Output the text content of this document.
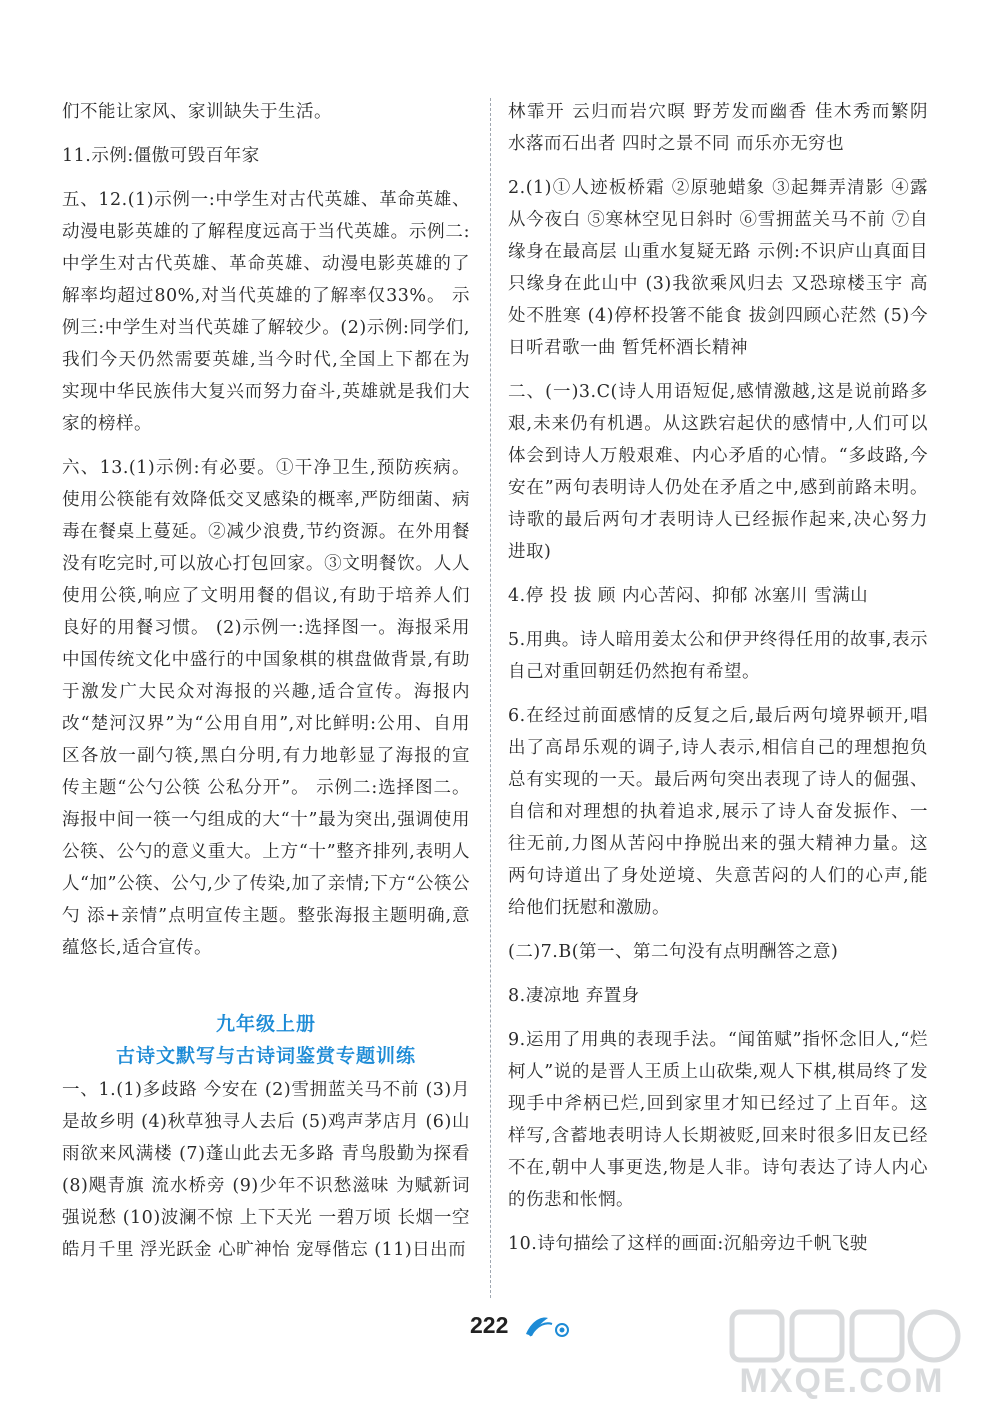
们不能让家风、家训缺失于生活。

11.示例:僵傲可毁百年家

五、12.(1)示例一:中学生对古代英雄、革命英雄、动漫电影英雄的了解程度远高于当代英雄。示例二:中学生对古代英雄、革命英雄、动漫电影英雄的了解率均超过80%,对当代英雄的了解率仅33%。 示例三:中学生对当代英雄了解较少。(2)示例:同学们,我们今天仍然需要英雄,当今时代,全国上下都在为实现中华民族伟大复兴而努力奋斗,英雄就是我们大家的榜样。

六、13.(1)示例:有必要。①干净卫生,预防疾病。使用公筷能有效降低交叉感染的概率,严防细菌、病毒在餐桌上蔓延。②减少浪费,节约资源。在外用餐没有吃完时,可以放心打包回家。③文明餐饮。人人使用公筷,响应了文明用餐的倡议,有助于培养人们良好的用餐习惯。 (2)示例一:选择图一。海报采用中国传统文化中盛行的中国象棋的棋盘做背景,有助于激发广大民众对海报的兴趣,适合宣传。海报内改“楚河汉界”为“公用自用”,对比鲜明:公用、自用区各放一副勺筷,黑白分明,有力地彰显了海报的宣传主题“公勺公筷 公私分开”。 示例二:选择图二。海报中间一筷一勺组成的大“十”最为突出,强调使用公筷、公勺的意义重大。上方“十”整齐排列,表明人人“加”公筷、公勺,少了传染,加了亲情;下方“公筷公勺 添+亲情”点明宣传主题。整张海报主题明确,意蕴悠长,适合宣传。

九年级上册
古诗文默写与古诗词鉴赏专题训练

一、1.(1)多歧路 今安在 (2)雪拥蓝关马不前 (3)月是故乡明 (4)秋草独寻人去后 (5)鸡声茅店月 (6)山雨欲来风满楼 (7)蓬山此去无多路 青鸟殷勤为探看 (8)飓青旗 流水桥旁 (9)少年不识愁滋味 为赋新词强说愁 (10)波澜不惊 上下天光 一碧万顷 长烟一空 皓月千里 浮光跃金 心旷神怡 宠辱偕忘 (11)日出而

林霏开 云归而岩穴暝 野芳发而幽香 佳木秀而繁阴 水落而石出者 四时之景不同 而乐亦无穷也

2.(1)①人迹板桥霜 ②原驰蜡象 ③起舞弄清影 ④露从今夜白 ⑤寒林空见日斜时 ⑥雪拥蓝关马不前 ⑦自缘身在最高层 山重水复疑无路 示例:不识庐山真面目 只缘身在此山中 (3)我欲乘风归去 又恐琼楼玉宇 高处不胜寒 (4)停杯投箸不能食 拔剑四顾心茫然 (5)今日听君歌一曲 暂凭杯酒长精神

二、(一)3.C(诗人用语短促,感情激越,这是说前路多艰,未来仍有机遇。从这跌宕起伏的感情中,人们可以体会到诗人万般艰难、内心矛盾的心情。“多歧路,今安在”两句表明诗人仍处在矛盾之中,感到前路未明。诗歌的最后两句才表明诗人已经振作起来,决心努力进取)

4.停 投 拔 顾 内心苦闷、抑郁 冰塞川 雪满山

5.用典。诗人暗用姜太公和伊尹终得任用的故事,表示自己对重回朝廷仍然抱有希望。

6.在经过前面感情的反复之后,最后两句境界顿开,唱出了高昂乐观的调子,诗人表示,相信自己的理想抱负总有实现的一天。最后两句突出表现了诗人的倔强、自信和对理想的执着追求,展示了诗人奋发振作、一往无前,力图从苦闷中挣脱出来的强大精神力量。这两句诗道出了身处逆境、失意苦闷的人们的心声,能给他们抚慰和激励。

(二)7.B(第一、第二句没有点明酬答之意)

8.凄凉地 弃置身

9.运用了用典的表现手法。“闻笛赋”指怀念旧人,“烂柯人”说的是晋人王质上山砍柴,观人下棋,棋局终了发现手中斧柄已烂,回到家里才知已经过了上百年。这样写,含蓄地表明诗人长期被贬,回来时很多旧友已经不在,朝中人事更迭,物是人非。诗句表达了诗人内心的伤悲和怅惘。

10.诗句描绘了这样的画面:沉船旁边千帆飞驶

222
MXQE.COM
